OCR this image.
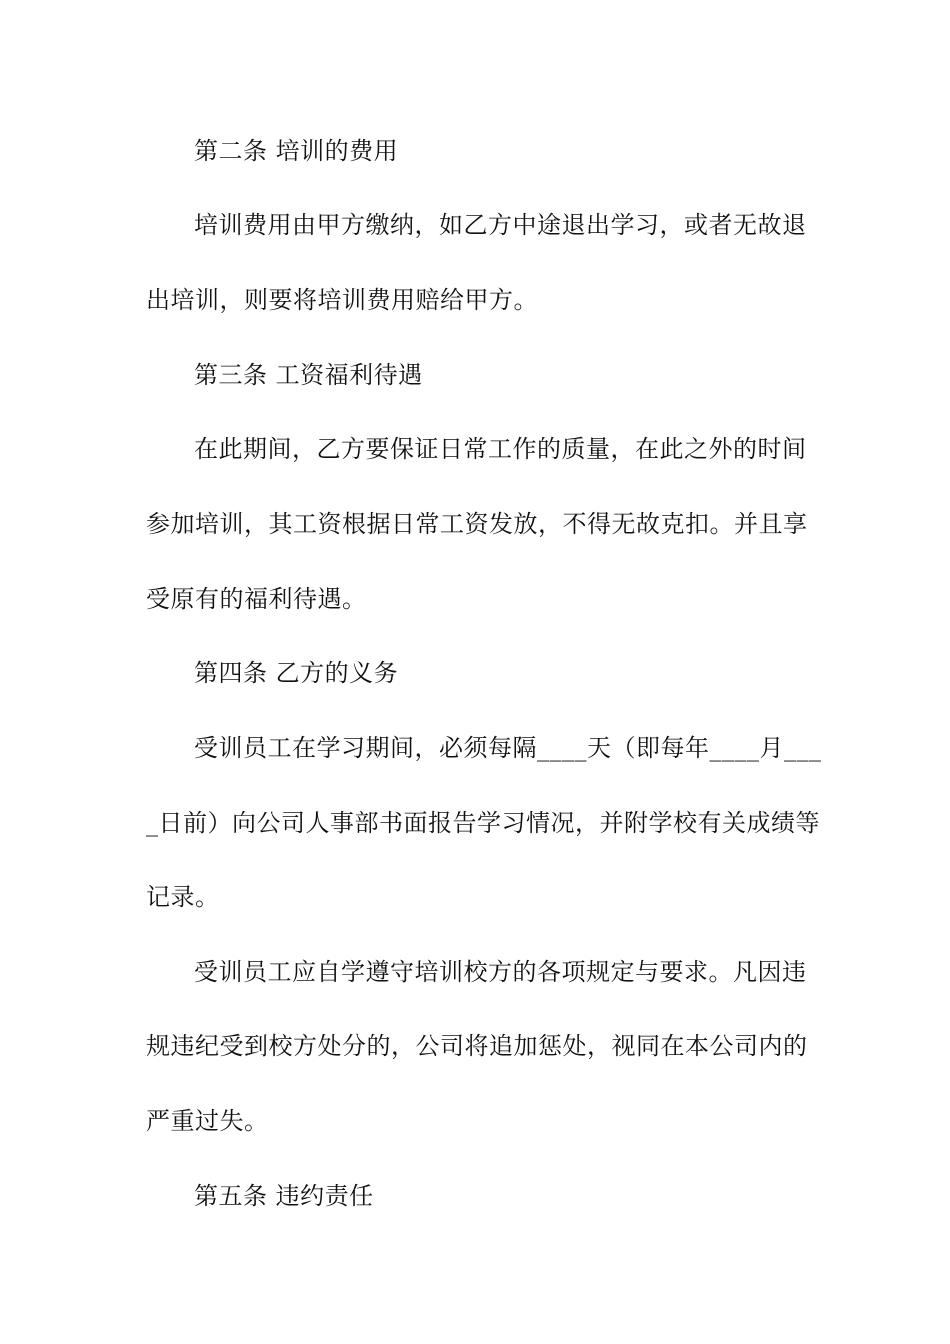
第二条 培训的费用
培训费用由甲方缴纳，如乙方中途退出学习，或者无故退
出培训，则要将培训费用赔给甲方。
第三条 工资福利待遇
在此期间，乙方要保证日常工作的质量，在此之外的时间
参加培训，其工资根据日常工资发放，不得无故克扣。并且享
受原有的福利待遇。
第四条 乙方的义务
受训员工在学习期间，必须每隔____天（即每年____月___
_日前）向公司人事部书面报告学习情况，并附学校有关成绩等
记录。
受训员工应自学遵守培训校方的各项规定与要求。凡因违
规违纪受到校方处分的，公司将追加惩处，视同在本公司内的
严重过失。
第五条 违约责任
